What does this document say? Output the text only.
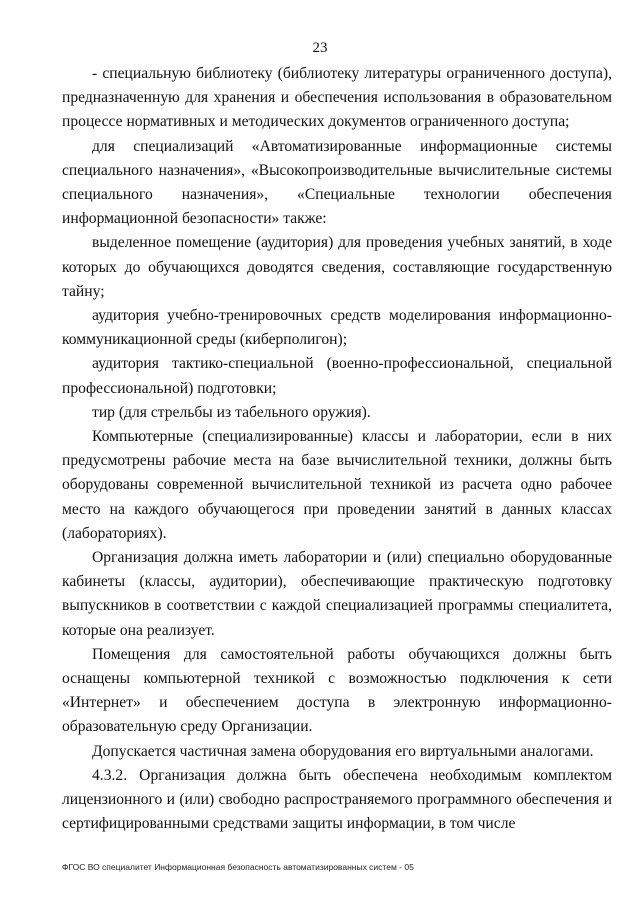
23

- специальную библиотеку (библиотеку литературы ограниченного доступа), предназначенную для хранения и обеспечения использования в образовательном процессе нормативных и методических документов ограниченного доступа;

для специализаций «Автоматизированные информационные системы специального назначения», «Высокопроизводительные вычислительные системы специального назначения», «Специальные технологии обеспечения информационной безопасности» также:

выделенное помещение (аудитория) для проведения учебных занятий, в ходе которых до обучающихся доводятся сведения, составляющие государственную тайну;

аудитория учебно-тренировочных средств моделирования информационно-коммуникационной среды (киберполигон);

аудитория тактико-специальной (военно-профессиональной, специальной профессиональной) подготовки;

тир (для стрельбы из табельного оружия).

Компьютерные (специализированные) классы и лаборатории, если в них предусмотрены рабочие места на базе вычислительной техники, должны быть оборудованы современной вычислительной техникой из расчета одно рабочее место на каждого обучающегося при проведении занятий в данных классах (лабораториях).

Организация должна иметь лаборатории и (или) специально оборудованные кабинеты (классы, аудитории), обеспечивающие практическую подготовку выпускников в соответствии с каждой специализацией программы специалитета, которые она реализует.

Помещения для самостоятельной работы обучающихся должны быть оснащены компьютерной техникой с возможностью подключения к сети «Интернет» и обеспечением доступа в электронную информационно-образовательную среду Организации.

Допускается частичная замена оборудования его виртуальными аналогами.

4.3.2. Организация должна быть обеспечена необходимым комплектом лицензионного и (или) свободно распространяемого программного обеспечения и сертифицированными средствами защиты информации, в том числе

ФГОС ВО специалитет Информационная безопасность автоматизированных систем - 05
